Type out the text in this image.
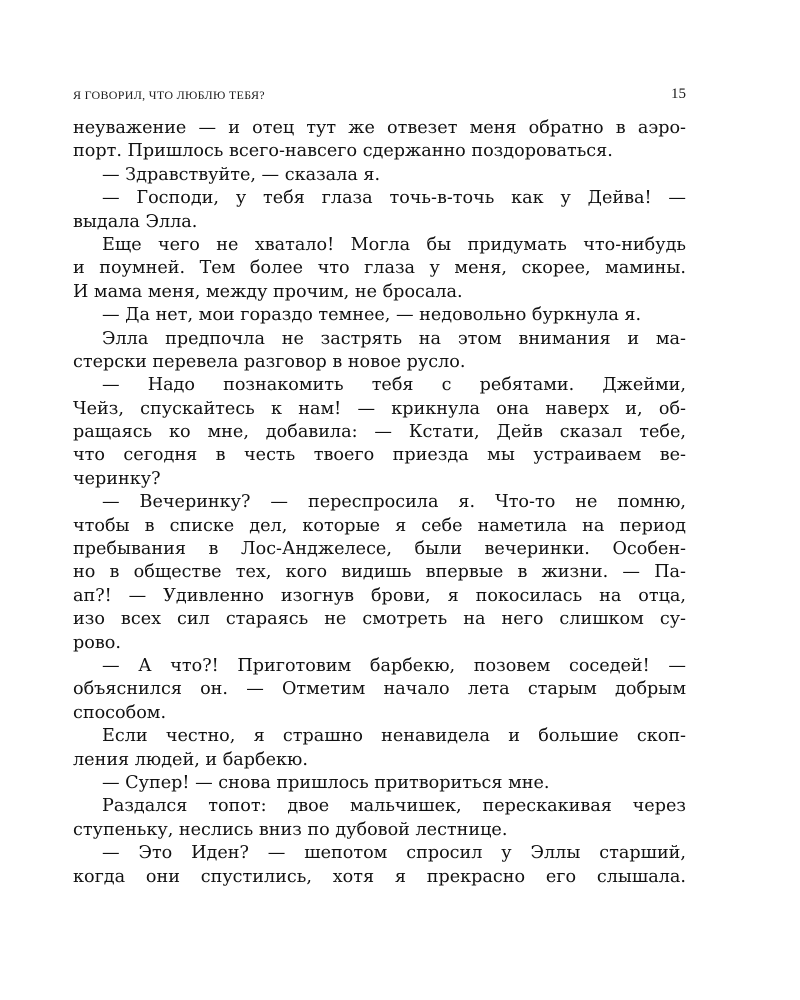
Я ГОВОРИЛ, ЧТО ЛЮБЛЮ ТЕБЯ?	15
неуважение — и отец тут же отвезет меня обратно в аэро-
порт. Пришлось всего-навсего сдержанно поздороваться.
— Здравствуйте, — сказала я.
— Господи, у тебя глаза точь-в-точь как у Дейва! —
выдала Элла.
Еще чего не хватало! Могла бы придумать что-нибудь
и поумней. Тем более что глаза у меня, скорее, мамины.
И мама меня, между прочим, не бросала.
— Да нет, мои гораздо темнее, — недовольно буркнула я.
Элла предпочла не застрять на этом внимания и ма-
стерски перевела разговор в новое русло.
— Надо познакомить тебя с ребятами. Джейми,
Чейз, спускайтесь к нам! — крикнула она наверх и, об-
ращаясь ко мне, добавила: — Кстати, Дейв сказал тебе,
что сегодня в честь твоего приезда мы устраиваем ве-
черинку?
— Вечеринку? — переспросила я. Что-то не помню,
чтобы в списке дел, которые я себе наметила на период
пребывания в Лос-Анджелесе, были вечеринки. Особен-
но в обществе тех, кого видишь впервые в жизни. — Па-
ап?! — Удивленно изогнув брови, я покосилась на отца,
изо всех сил стараясь не смотреть на него слишком су-
рово.
— А что?! Приготовим барбекю, позовем соседей! —
объяснился он. — Отметим начало лета старым добрым
способом.
Если честно, я страшно ненавидела и большие скоп-
ления людей, и барбекю.
— Супер! — снова пришлось притвориться мне.
Раздался топот: двое мальчишек, перескакивая через
ступеньку, неслись вниз по дубовой лестнице.
— Это Иден? — шепотом спросил у Эллы старший,
когда они спустились, хотя я прекрасно его слышала.
